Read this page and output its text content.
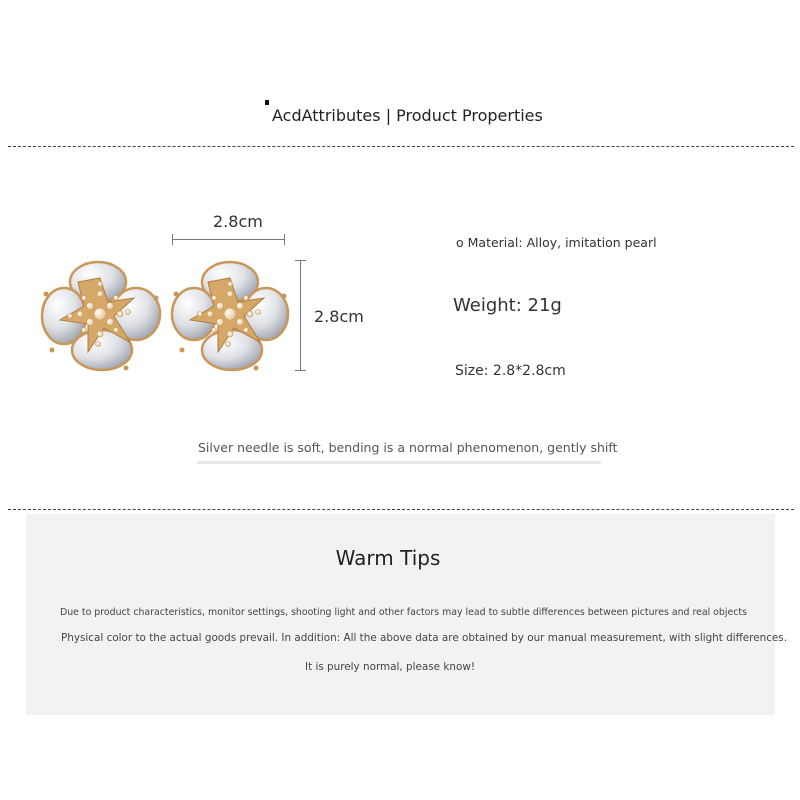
AcdAttributes | Product Properties
2.8cm
2.8cm
o Material: Alloy, imitation pearl
Weight: 21g
Size: 2.8*2.8cm
Silver needle is soft, bending is a normal phenomenon, gently shift
Warm Tips
Due to product characteristics, monitor settings, shooting light and other factors may lead to subtle differences between pictures and real objects
Physical color to the actual goods prevail. In addition: All the above data are obtained by our manual measurement, with slight differences.
It is purely normal, please know!
